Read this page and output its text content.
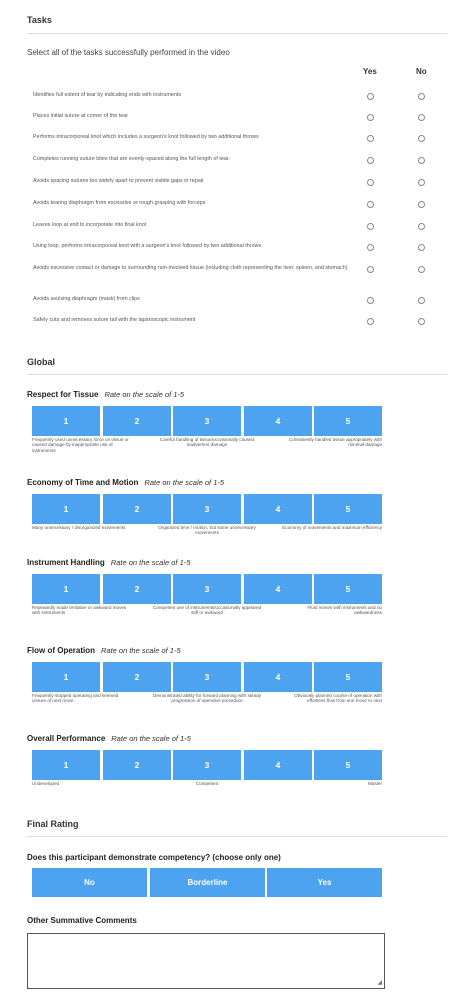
Tasks
Select all of the tasks successfully performed in the video
Yes	No
Identifies full extent of tear by indicating ends with instruments
Places initial suture at corner of the tear
Performs intracorporeal knot which includes a surgeon's knot followed by two additional throws
Completes running suture bites that are evenly-spaced along the full length of tear.
Avoids spacing sutures too widely apart to prevent visible gaps in repair
Avoids tearing diaphragm from excessive or rough grasping with forceps
Leaves loop at end to incorporate into final knot
Using loop, performs intracorporeal knot with a surgeon's knot followed by two additional throws
Avoids excessive contact or damage to surrounding non-involved tissue (including cloth representing the liver, spleen, and stomach)
Avoids avulsing diaphragm (mask) from clips
Safely cuts and removes suture tail with the laparoscopic instrument
Global
Respect for Tissue Rate on the scale of 1-5
1	2	3	4	5
Frequently used unnecessary force on tissue or caused damage by inappropriate use of instruments
Careful handling of tissue/occasionally caused inadvertent damage
Consistently handled tissue appropriately with minimal damage
Economy of Time and Motion Rate on the scale of 1-5
1	2	3	4	5
Many unnecessary / disorganized movements	Organized time / motion, but some unnecessary movements
Economy of movements and maximum efficiency
Instrument Handling Rate on the scale of 1-5
1	2	3	4	5
Repeatedly made tentative or awkward moves with instruments
Competent use of instruments/occasionally appeared stiff or awkward
Fluid moves with instruments and no awkwardness
Flow of Operation Rate on the scale of 1-5
1	2	3	4	5
Frequently stopped operating and seemed unsure of next move
Demonstrated ability for forward planning with steady progression of operative procedure
Obviously planned course of operation with effortless flow from one move to next
Overall Performance Rate on the scale of 1-5
1	2	3	4	5
Undeveloped	Competent	Master
Final Rating
Does this participant demonstrate competency? (choose only one)
No	Borderline	Yes
Other Summative Comments
◢
